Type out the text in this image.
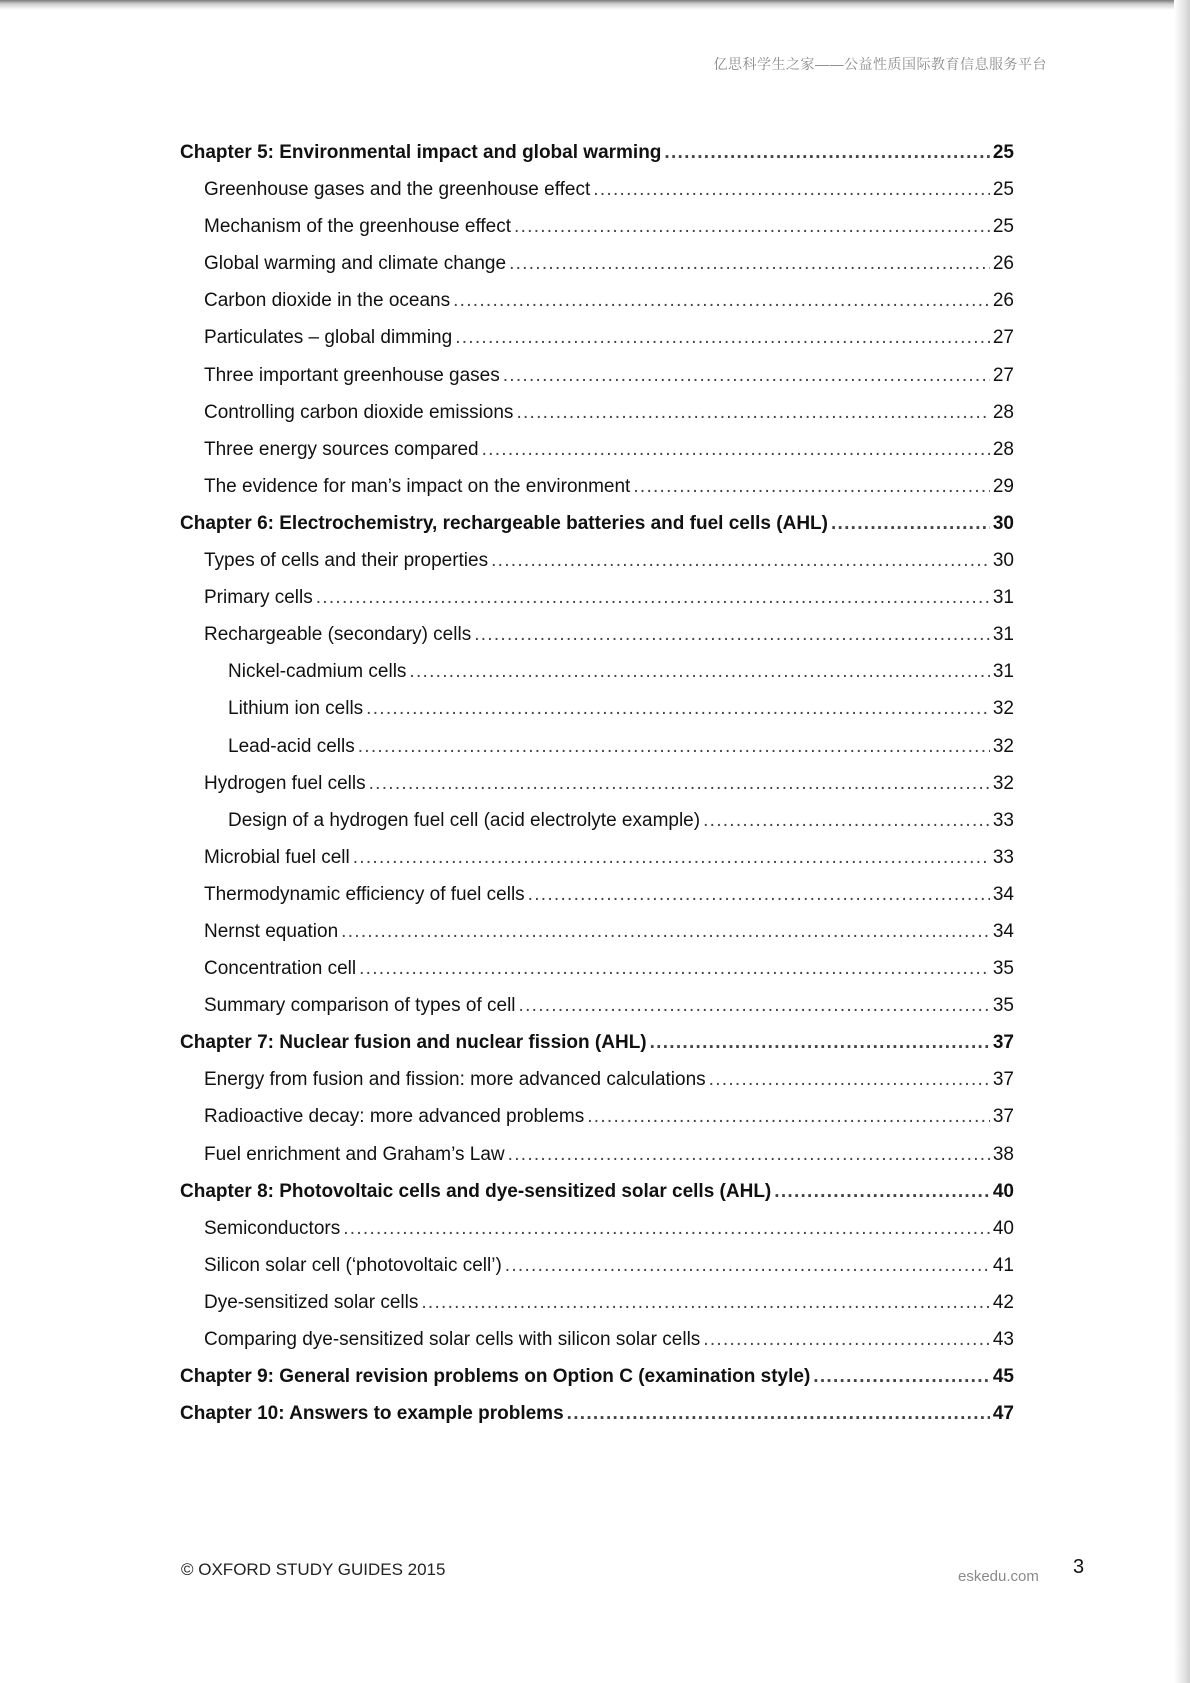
亿思科学生之家——公益性质国际教育信息服务平台
Chapter 5: Environmental impact and global warming . . .	25
Greenhouse gases and the greenhouse effect . . .	25
Mechanism of the greenhouse effect . . .	25
Global warming and climate change . . .	26
Carbon dioxide in the oceans . . .	26
Particulates – global dimming . . .	27
Three important greenhouse gases . . .	27
Controlling carbon dioxide emissions . . .	28
Three energy sources compared . . .	28
The evidence for man’s impact on the environment . . .	29
Chapter 6: Electrochemistry, rechargeable batteries and fuel cells (AHL) . . .	30
Types of cells and their properties . . .	30
Primary cells . . .	31
Rechargeable (secondary) cells . . .	31
Nickel-cadmium cells . . .	31
Lithium ion cells . . .	32
Lead-acid cells . . .	32
Hydrogen fuel cells . . .	32
Design of a hydrogen fuel cell (acid electrolyte example) . . .	33
Microbial fuel cell . . .	33
Thermodynamic efficiency of fuel cells . . .	34
Nernst equation . . .	34
Concentration cell . . .	35
Summary comparison of types of cell . . .	35
Chapter 7: Nuclear fusion and nuclear fission (AHL) . . .	37
Energy from fusion and fission: more advanced calculations . . .	37
Radioactive decay: more advanced problems . . .	37
Fuel enrichment and Graham’s Law . . .	38
Chapter 8: Photovoltaic cells and dye-sensitized solar cells (AHL) . . .	40
Semiconductors . . .	40
Silicon solar cell (‘photovoltaic cell’) . . .	41
Dye-sensitized solar cells . . .	42
Comparing dye-sensitized solar cells with silicon solar cells . . .	43
Chapter 9: General revision problems on Option C (examination style) . . .	45
Chapter 10: Answers to example problems . . .	47
© OXFORD STUDY GUIDES 2015	eskedu.com 3
